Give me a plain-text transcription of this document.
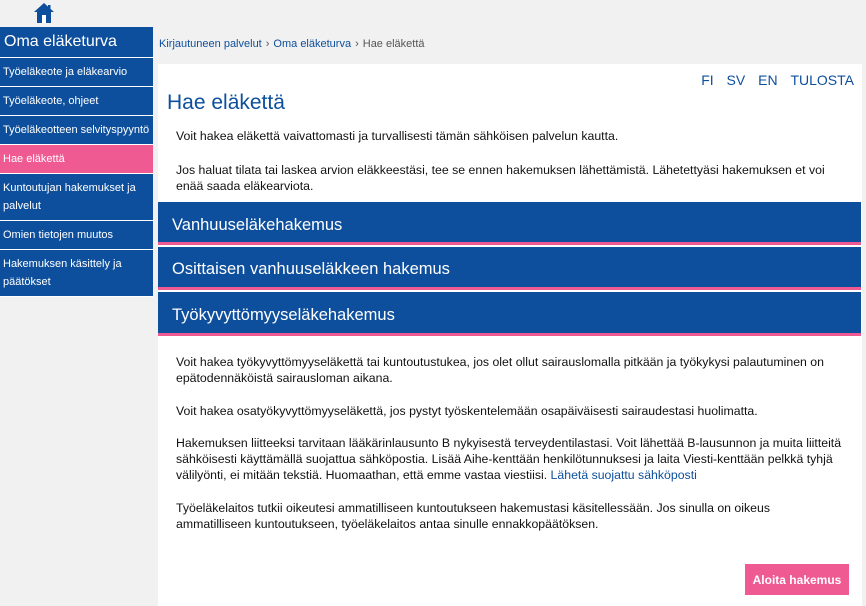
Oma eläketurva
Työeläkeote ja eläkearvio
Työeläkeote, ohjeet
Työeläkeotteen selvityspyyntö
Hae eläkettä
Kuntoutujan hakemukset ja palvelut
Omien tietojen muutos
Hakemuksen käsittely ja päätökset
Kirjautuneen palvelut › Oma eläketurva › Hae eläkettä
FI SV EN TULOSTA
Hae eläkettä

Voit hakea eläkettä vaivattomasti ja turvallisesti tämän sähköisen palvelun kautta.

Jos haluat tilata tai laskea arvion eläkkeestäsi, tee se ennen hakemuksen lähettämistä. Lähetettyäsi hakemuksen et voi enää saada eläkearviota.

Vanhuuseläkehakemus
Osittaisen vanhuuseläkkeen hakemus
Työkyvyttömyyseläkehakemus

Voit hakea työkyvyttömyyseläkettä tai kuntoutustukea, jos olet ollut sairauslomalla pitkään ja työkykysi palautuminen on epätodennäköistä sairausloman aikana.

Voit hakea osatyökyvyttömyyseläkettä, jos pystyt työskentelemään osapäiväisesti sairaudestasi huolimatta.

Hakemuksen liitteeksi tarvitaan lääkärinlausunto B nykyisestä terveydentilastasi. Voit lähettää B-lausunnon ja muita liitteitä sähköisesti käyttämällä suojattua sähköpostia. Lisää Aihe-kenttään henkilötunnuksesi ja laita Viesti-kenttään pelkkä tyhjä välilyönti, ei mitään tekstiä. Huomaathan, että emme vastaa viestiisi. Lähetä suojattu sähköposti

Työeläkelaitos tutkii oikeutesi ammatilliseen kuntoutukseen hakemustasi käsitellessään. Jos sinulla on oikeus ammatilliseen kuntoutukseen, työeläkelaitos antaa sinulle ennakkopäätöksen.

Aloita hakemus
